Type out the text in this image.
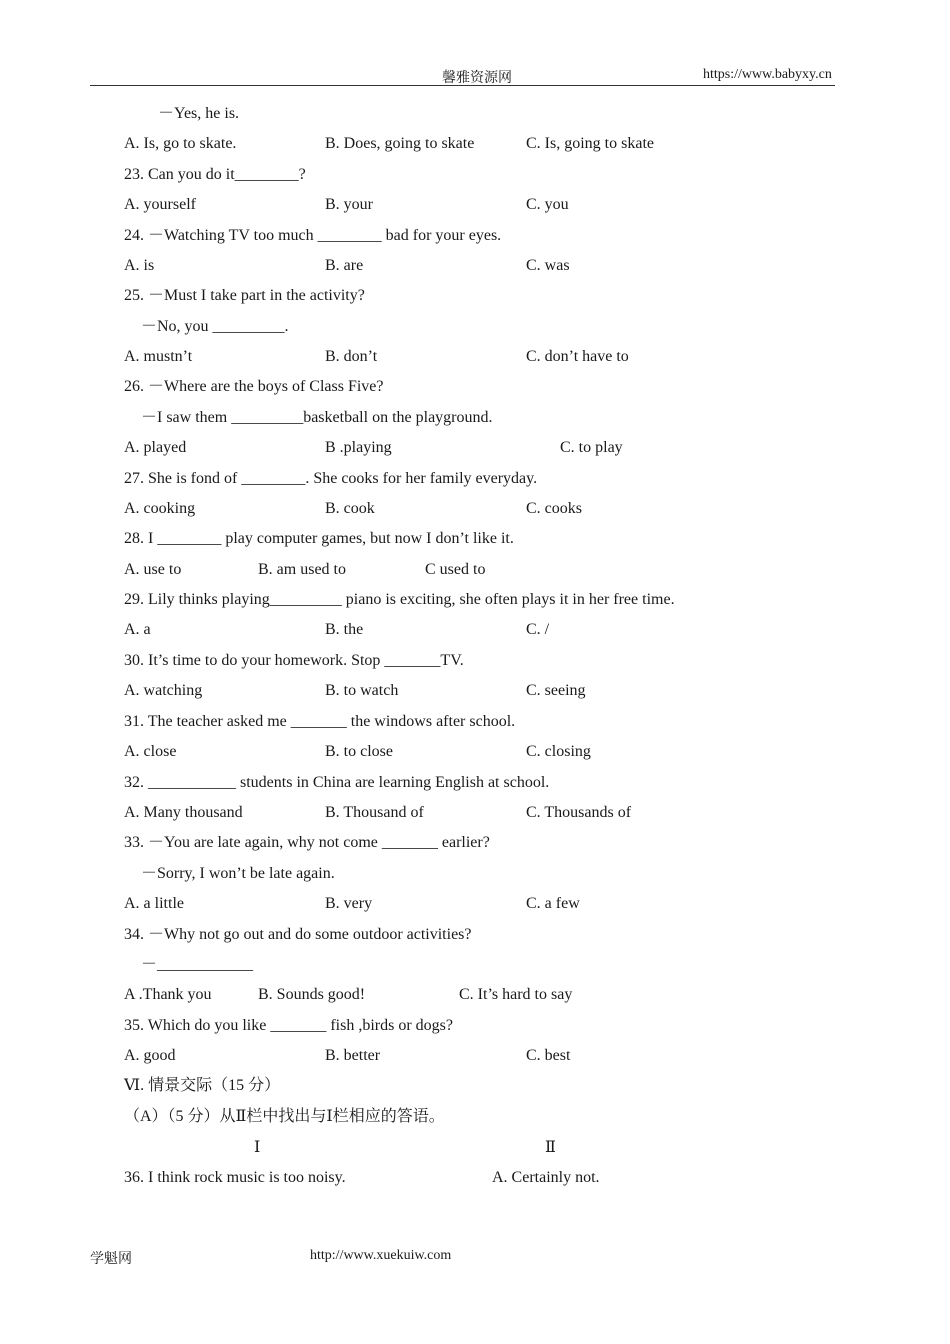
馨雅资源网	https://www.babyxy.cn
－Yes, he is.
A. Is, go to skate.	B. Does, going to skate	C. Is, going to skate
23. Can you do it________?
A. yourself	B. your	C. you
24. －Watching TV too much ________ bad for your eyes.
A. is	B. are	C. was
25. －Must I take part in the activity?
－No, you _________.
A. mustn’t	B. don’t	C. don’t have to
26. －Where are the boys of Class Five?
－I saw them _________basketball on the playground.
A. played	B .playing	C. to play
27. She is fond of ________. She cooks for her family everyday.
A. cooking	B. cook	C. cooks
28. I ________ play computer games, but now I don’t like it.
A. use to	B. am used to	C used to
29. Lily thinks playing_________ piano is exciting, she often plays it in her free time.
A. a	B. the	C. /
30. It’s time to do your homework. Stop _______TV.
A. watching	B. to watch	C. seeing
31. The teacher asked me _______ the windows after school.
A. close	B. to close	C. closing
32. ___________ students in China are learning English at school.
A. Many thousand	B. Thousand of	C. Thousands of
33. －You are late again, why not come _______ earlier?
－Sorry, I won’t be late again.
A. a little	B. very	C. a few
34. －Why not go out and do some outdoor activities?
－____________
A .Thank you	B. Sounds good!	C. It’s hard to say
35. Which do you like _______ fish ,birds or dogs?
A. good	B. better	C. best
Ⅵ. 情景交际（15 分）
（A）（5 分）从Ⅱ栏中找出与Ⅰ栏相应的答语。
Ⅰ	Ⅱ
36. I think rock music is too noisy.	A. Certainly not.
学魁网	http://www.xuekuiw.com
